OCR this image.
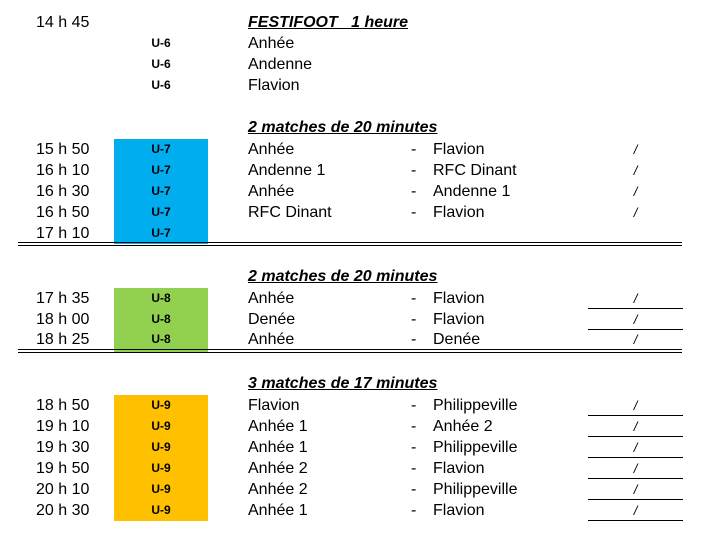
14 h 45	FESTIFOOT   1 heure
U-6	Anhée
U-6	Andenne
U-6	Flavion
2 matches de 20 minutes
15 h 50	U-7	Anhée	- Flavion	/
16 h 10	U-7	Andenne 1	- RFC Dinant	/
16 h 30	U-7	Anhée	- Andenne 1	/
16 h 50	U-7	RFC Dinant	- Flavion	/
17 h 10	U-7
2 matches de 20 minutes
17 h 35	U-8	Anhée	- Flavion	/
18 h 00	U-8	Denée	- Flavion	/
18 h 25	U-8	Anhée	- Denée	/
3 matches de 17 minutes
18 h 50	U-9	Flavion	- Philippeville	/
19 h 10	U-9	Anhée 1	- Anhée 2	/
19 h 30	U-9	Anhée 1	- Philippeville	/
19 h 50	U-9	Anhée 2	- Flavion	/
20 h 10	U-9	Anhée 2	- Philippeville	/
20 h 30	U-9	Anhée 1	- Flavion	/
